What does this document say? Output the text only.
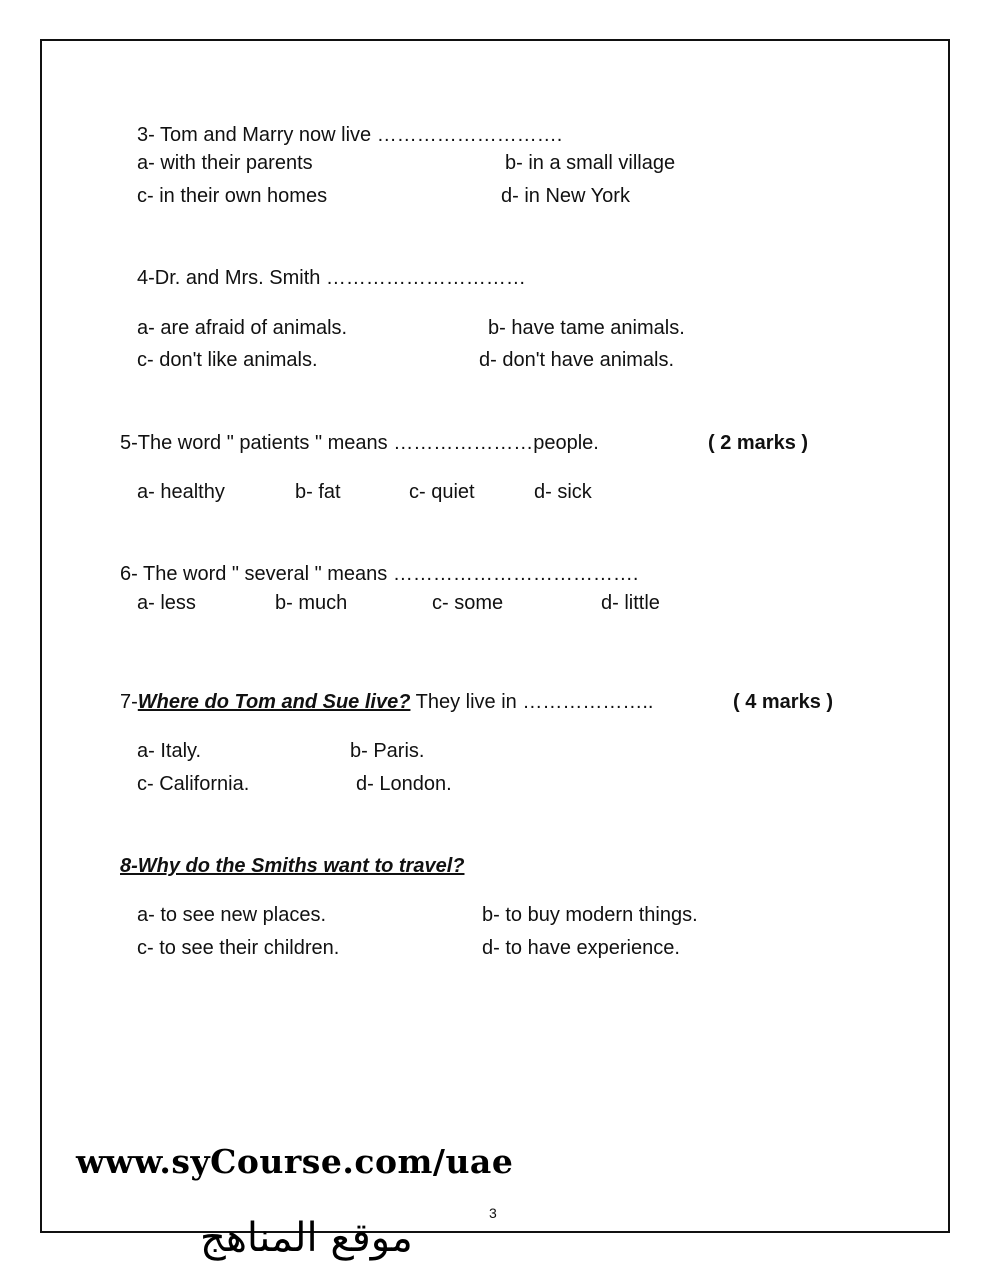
3- Tom and Marry now live ……………………….
a- with their parents	b- in a small village
c- in their own homes	d- in New York
4-Dr. and Mrs. Smith …………………………
a- are afraid of animals.	b- have tame animals.
c- don't like animals.	d- don't have animals.
5-The word " patients " means …………………people.	( 2 marks )
a- healthy	b- fat	c- quiet	d- sick
6- The word " several " means ……………………………….
a- less	b- much	c- some	d- little
7-Where do Tom and Sue live? They live in ………………..	( 4 marks )
a- Italy.	b- Paris.
c- California.	d- London.
8-Why do the Smiths want to travel?
a- to see new places.	b- to buy modern things.
c- to see their children.	d- to have experience.
www.syCourse.com/uae
3
موقع المناهج
